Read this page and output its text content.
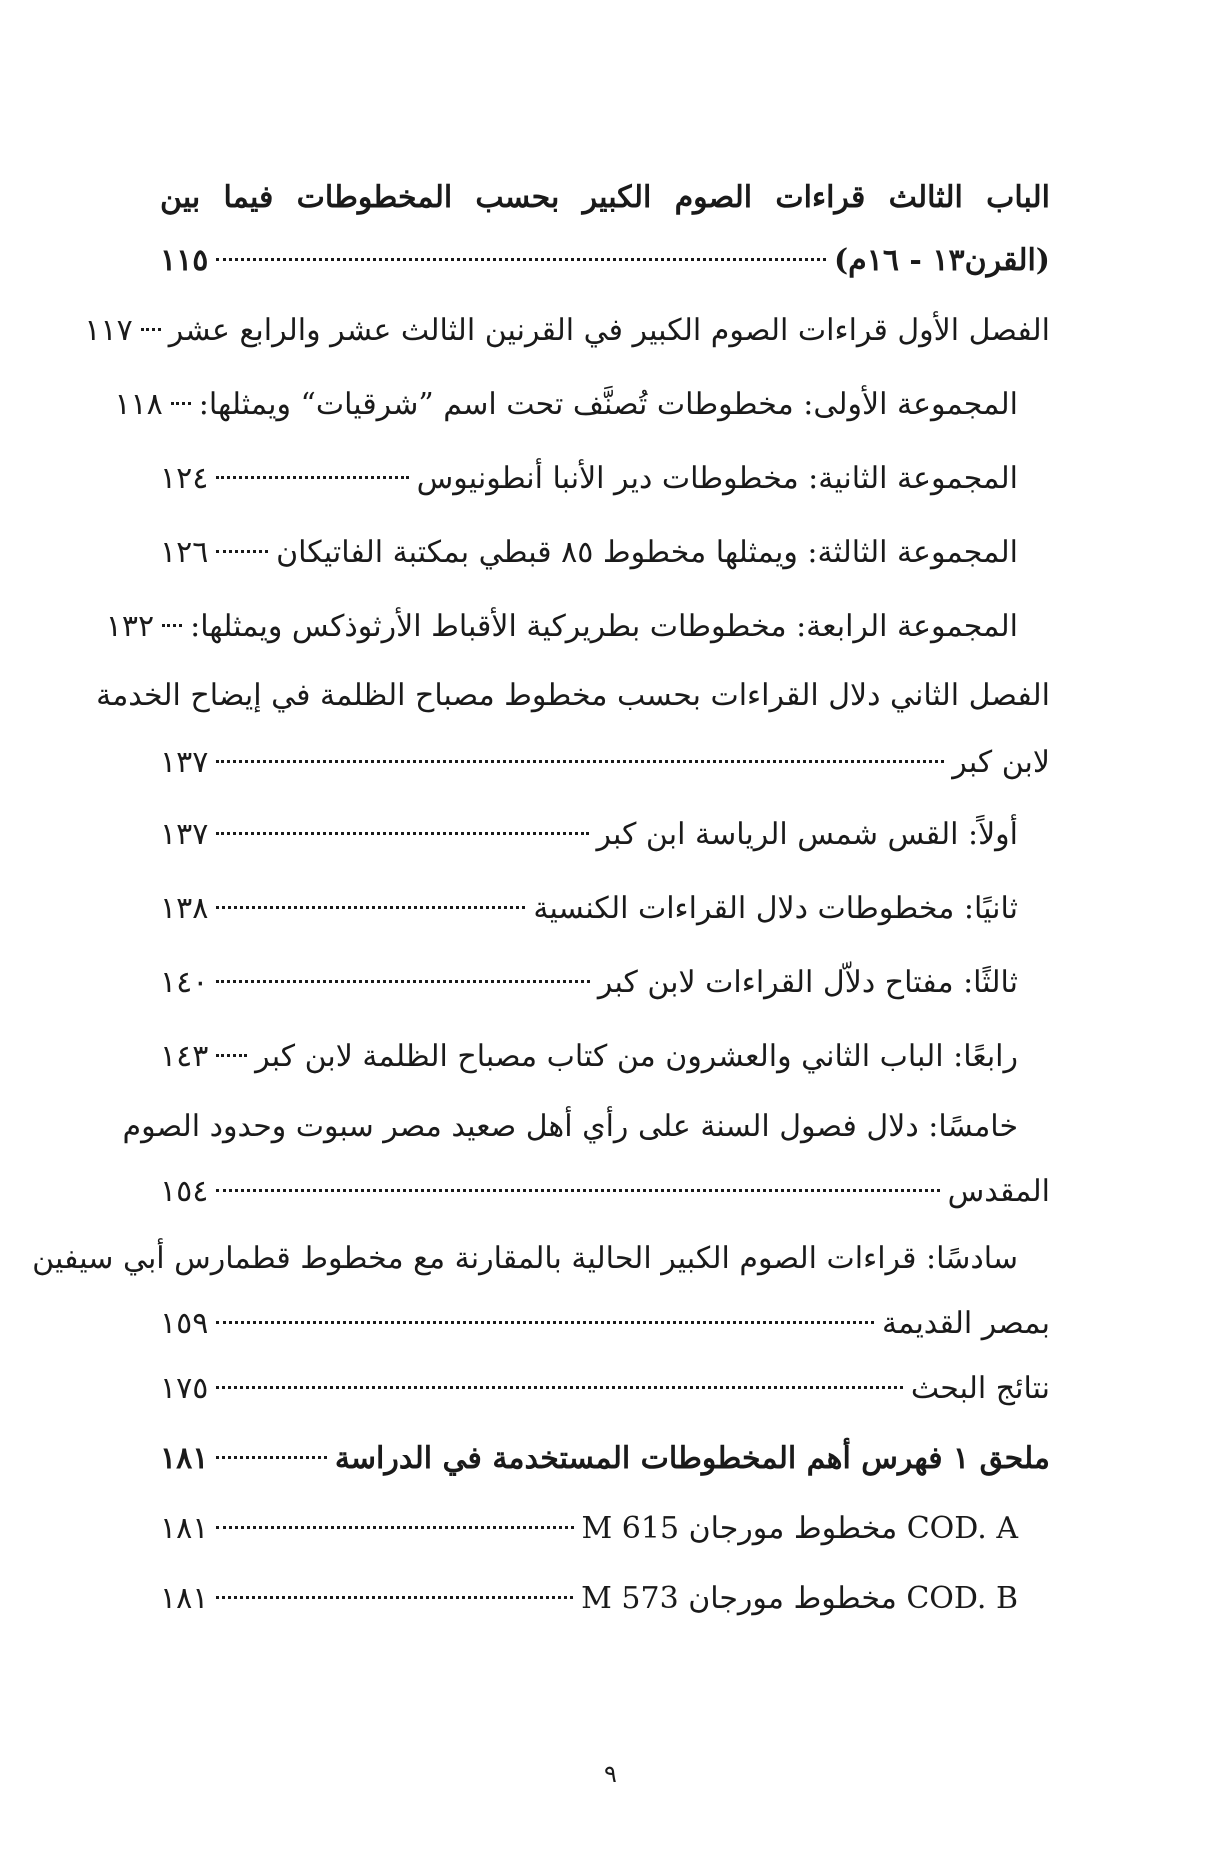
الباب الثالث قراءات الصوم الكبير بحسب المخطوطات فيما بين
(القرن١٣ - ١٦م)
١١٥
الفصل الأول قراءات الصوم الكبير في القرنين الثالث عشر والرابع عشر
١١٧
المجموعة الأولى: مخطوطات تُصنَّف تحت اسم ”شرقيات“ ويمثلها:
١١٨
المجموعة الثانية: مخطوطات دير الأنبا أنطونيوس
١٢٤
المجموعة الثالثة: ويمثلها مخطوط ٨٥ قبطي بمكتبة الفاتيكان
١٢٦
المجموعة الرابعة: مخطوطات بطريركية الأقباط الأرثوذكس ويمثلها:
١٣٢
الفصل الثاني دلال القراءات بحسب مخطوط مصباح الظلمة في إيضاح الخدمة
لابن كبر
١٣٧
أولاً: القس شمس الرياسة ابن كبر
١٣٧
ثانيًا: مخطوطات دلال القراءات الكنسية
١٣٨
ثالثًا: مفتاح دلاّل القراءات لابن كبر
١٤٠
رابعًا: الباب الثاني والعشرون من كتاب مصباح الظلمة لابن كبر
١٤٣
خامسًا: دلال فصول السنة على رأي أهل صعيد مصر سبوت وحدود الصوم
المقدس
١٥٤
سادسًا: قراءات الصوم الكبير الحالية بالمقارنة مع مخطوط قطمارس أبي سيفين
بمصر القديمة
١٥٩
نتائج البحث
١٧٥
ملحق ١ فهرس أهم المخطوطات المستخدمة في الدراسة
١٨١
COD. A مخطوط مورجان M 615
١٨١
COD. B مخطوط مورجان M 573
١٨١
٩
